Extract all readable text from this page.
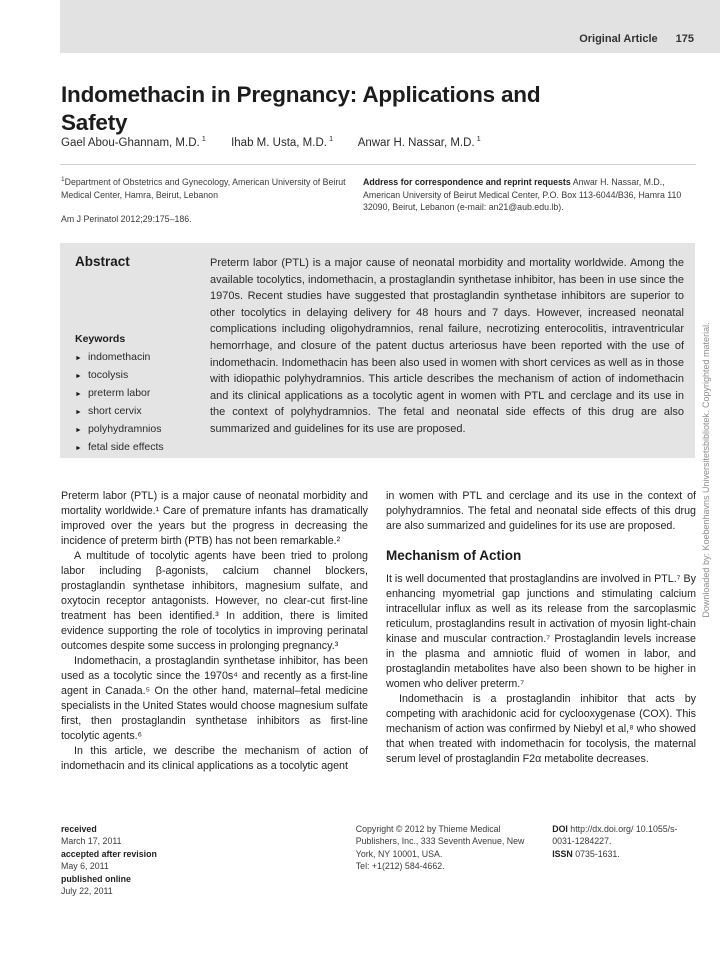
Original Article 175
Indomethacin in Pregnancy: Applications and Safety
Gael Abou-Ghannam, M.D. $^1$ Ihab M. Usta, M.D. $^1$ Anwar H. Nassar, M.D. $^1$
$^1$Department of Obstetrics and Gynecology, American University of Beirut Medical Center, Hamra, Beirut, Lebanon
Am J Perinatol 2012;29:175–186.
Address for correspondence and reprint requests Anwar H. Nassar, M.D., American University of Beirut Medical Center, P.O. Box 113-6044/B36, Hamra 110 32090, Beirut, Lebanon (e-mail: an21@aub.edu.lb).
Abstract	Preterm labor (PTL) is a major cause of neonatal morbidity and mortality worldwide. Among the available tocolytics, indomethacin, a prostaglandin synthetase inhibitor, has been in use since the 1970s. Recent studies have suggested that prostaglandin synthetase inhibitors are superior to other tocolytics in delaying delivery for 48 hours and 7 days. However, increased neonatal complications including oligohydramnios, renal failure, necrotizing enterocolitis, intraventricular hemorrhage, and closure of the patent ductus arteriosus have been reported with the use of indomethacin. Indomethacin has been also used in women with short cervices as well as in those with idiopathic polyhydramnios. This article describes the mechanism of action of indomethacin and its clinical applications as a tocolytic agent in women with PTL and cerclage and its use in the context of polyhydramnios. The fetal and neonatal side effects of this drug are also summarized and guidelines for its use are proposed.
Keywords
► indomethacin
► tocolysis
► preterm labor
► short cervix
► polyhydramnios
► fetal side effects

Preterm labor (PTL) is a major cause of neonatal morbidity and mortality worldwide.¹ Care of premature infants has dramatically improved over the years but the progress in decreasing the incidence of preterm birth (PTB) has not been remarkable.²

A multitude of tocolytic agents have been tried to prolong labor including β-agonists, calcium channel blockers, prostaglandin synthetase inhibitors, magnesium sulfate, and oxytocin receptor antagonists. However, no clear-cut first-line treatment has been identified.³ In addition, there is limited evidence supporting the role of tocolytics in improving perinatal outcomes despite some success in prolonging pregnancy.³

Indomethacin, a prostaglandin synthetase inhibitor, has been used as a tocolytic since the 1970s⁴ and recently as a first-line agent in Canada.⁵ On the other hand, maternal–fetal medicine specialists in the United States would choose magnesium sulfate first, then prostaglandin synthetase inhibitors as first-line tocolytic agents.⁶

In this article, we describe the mechanism of action of indomethacin and its clinical applications as a tocolytic agent

in women with PTL and cerclage and its use in the context of polyhydramnios. The fetal and neonatal side effects of this drug are also summarized and guidelines for its use are proposed.

Mechanism of Action

It is well documented that prostaglandins are involved in PTL.⁷ By enhancing myometrial gap junctions and stimulating calcium intracellular influx as well as its release from the sarcoplasmic reticulum, prostaglandins result in activation of myosin light-chain kinase and muscular contraction.⁷ Prostaglandin levels increase in the plasma and amniotic fluid of women in labor, and prostaglandin metabolites have also been shown to be higher in women who deliver preterm.⁷

Indomethacin is a prostaglandin inhibitor that acts by competing with arachidonic acid for cyclooxygenase (COX). This mechanism of action was confirmed by Niebyl et al,⁸ who showed that when treated with indomethacin for tocolysis, the maternal serum level of prostaglandin F2α metabolite decreases.

received
March 17, 2011
accepted after revision
May 6, 2011
published online
July 22, 2011
Copyright © 2012 by Thieme Medical Publishers, Inc., 333 Seventh Avenue, New York, NY 10001, USA.
Tel: +1(212) 584-4662.
DOI http://dx.doi.org/ 10.1055/s-0031-1284227.
ISSN 0735-1631.
Downloaded by: Koebenhavns Universitetsbibliotek. Copyrighted material.
